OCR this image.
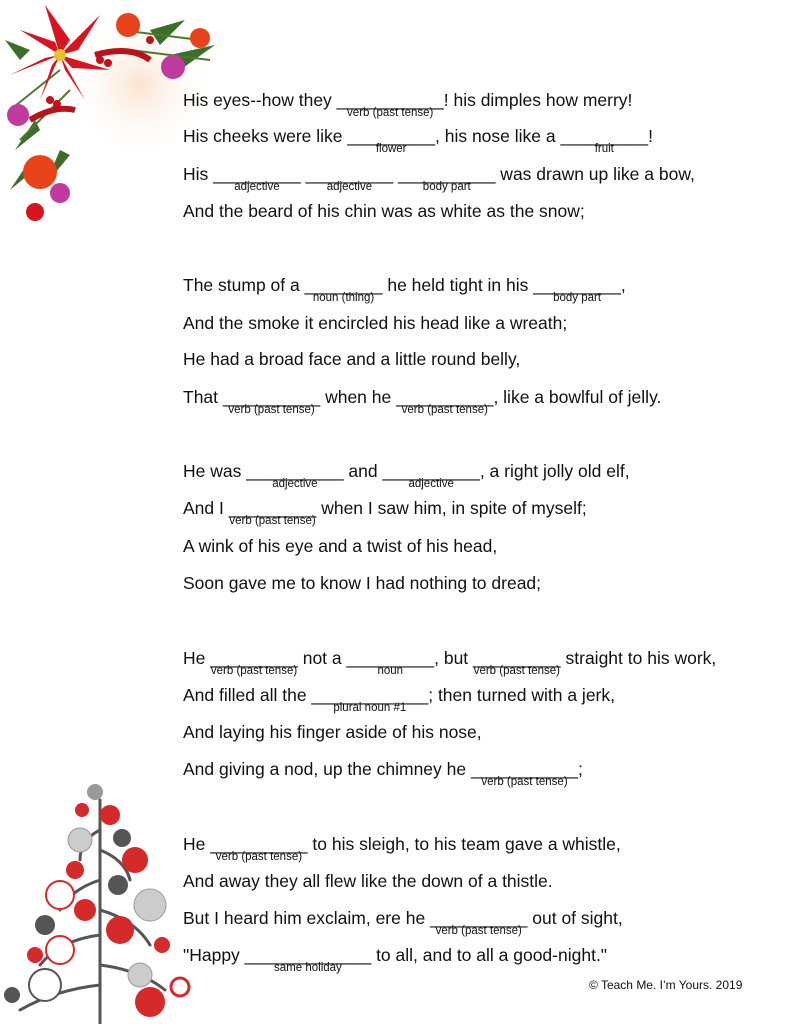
His eyes--how they ___________
verb (past tense)
! his dimples how merry!
His cheeks were like _________
flower
, his nose like a _________
fruit
!
His _________
adjective
_________
adjective
__________
body part
was drawn up like a bow,
And the beard of his chin was as white as the snow;
The stump of a ________
noun (thing)
he held tight in his _________
body part
,
And the smoke it encircled his head like a wreath;
He had a broad face and a little round belly,
That __________
verb (past tense)
when he __________
verb (past tense)
, like a bowlful of jelly.
He was __________
adjective
and __________
adjective
, a right jolly old elf,
And I _________
verb (past tense)
when I saw him, in spite of myself;
A wink of his eye and a twist of his head,
Soon gave me to know I had nothing to dread;
He _________
verb (past tense)
not a _________
noun
, but _________
verb (past tense)
straight to his work,
And filled all the ____________
plural noun #1
; then turned with a jerk,
And laying his finger aside of his nose,
And giving a nod, up the chimney he ___________
verb (past tense)
;
He __________
verb (past tense)
to his sleigh, to his team gave a whistle,
And away they all flew like the down of a thistle.
But I heard him exclaim, ere he __________
verb (past tense)
out of sight,
"Happy _____________
same holiday
to all, and to all a good-night."
© Teach Me. I’m Yours. 2019
